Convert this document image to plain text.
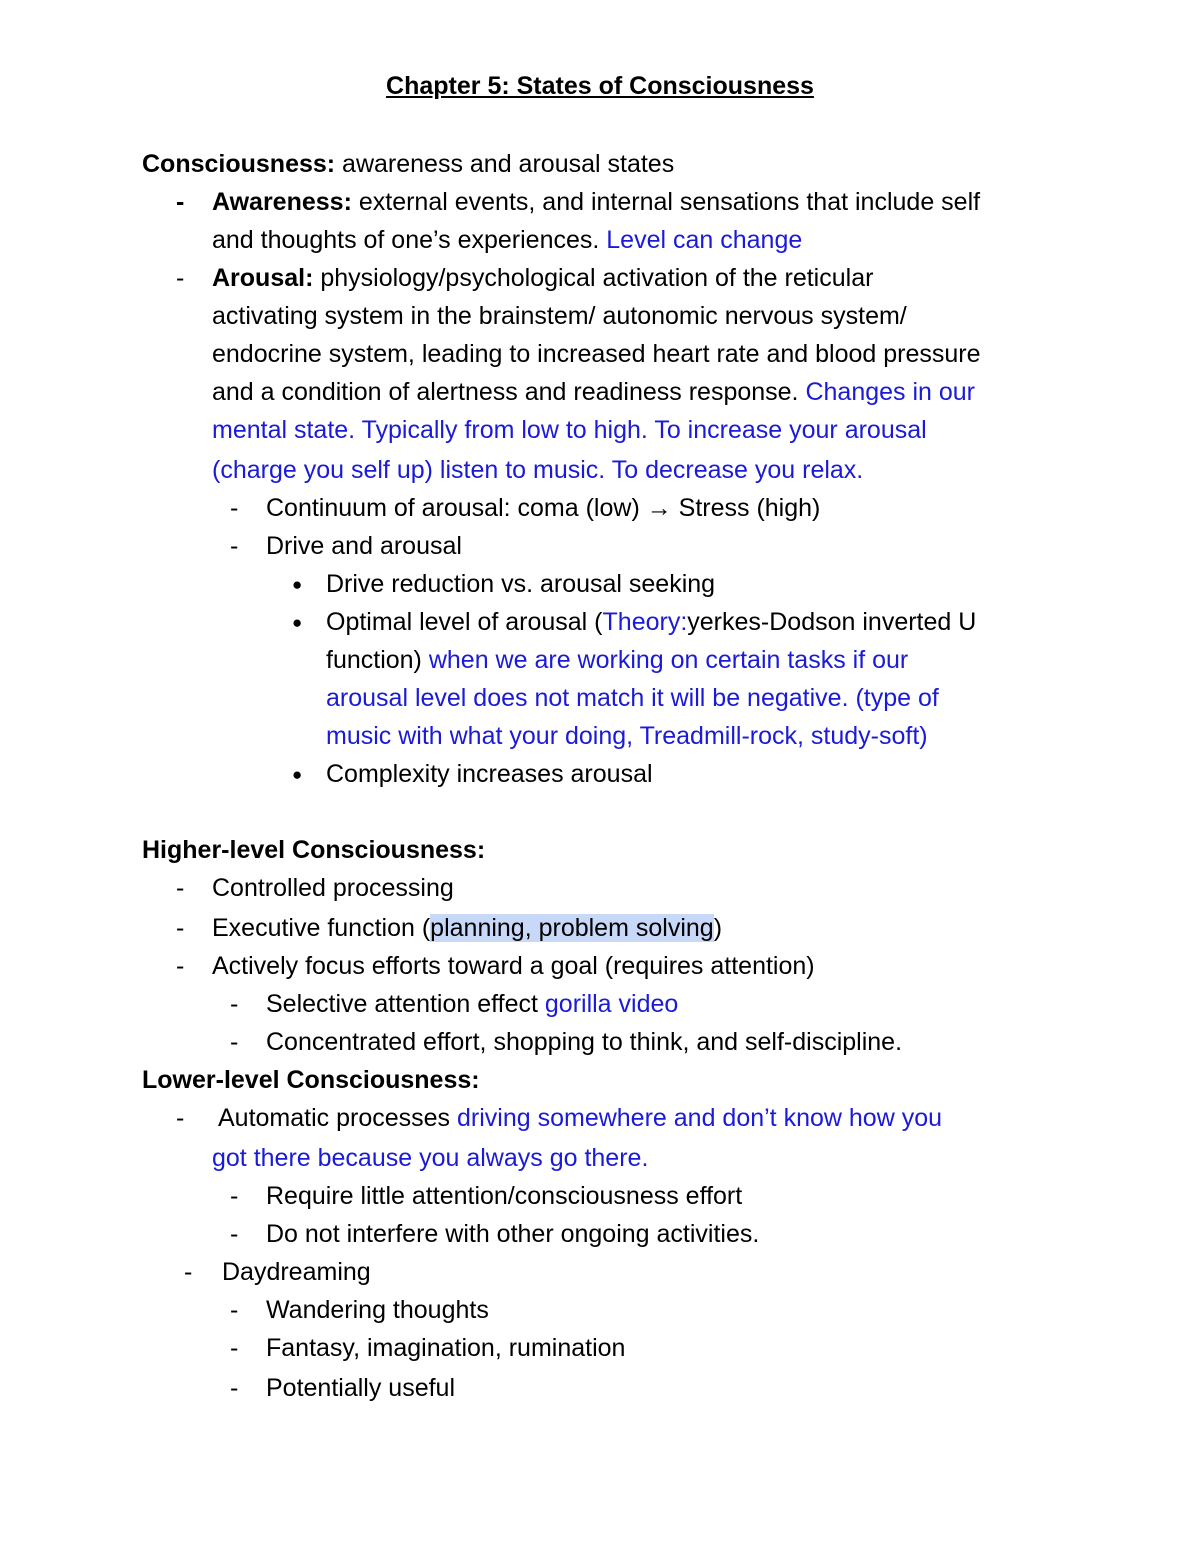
Chapter 5: States of Consciousness
Consciousness: awareness and arousal states
- Awareness: external events, and internal sensations that include self
and thoughts of one’s experiences. Level can change
- Arousal: physiology/psychological activation of the reticular
activating system in the brainstem/ autonomic nervous system/
endocrine system, leading to increased heart rate and blood pressure
and a condition of alertness and readiness response. Changes in our
mental state. Typically from low to high. To increase your arousal
(charge you self up) listen to music. To decrease you relax.
- Continuum of arousal: coma (low) → Stress (high)
- Drive and arousal
● Drive reduction vs. arousal seeking
● Optimal level of arousal (Theory:yerkes-Dodson inverted U
function) when we are working on certain tasks if our
arousal level does not match it will be negative. (type of
music with what your doing, Treadmill-rock, study-soft)
● Complexity increases arousal
Higher-level Consciousness:
- Controlled processing
- Executive function (planning, problem solving)
- Actively focus efforts toward a goal (requires attention)
- Selective attention effect gorilla video
- Concentrated effort, shopping to think, and self-discipline.
Lower-level Consciousness:
- Automatic processes driving somewhere and don’t know how you
got there because you always go there.
- Require little attention/consciousness effort
- Do not interfere with other ongoing activities.
- Daydreaming
- Wandering thoughts
- Fantasy, imagination, rumination
- Potentially useful
